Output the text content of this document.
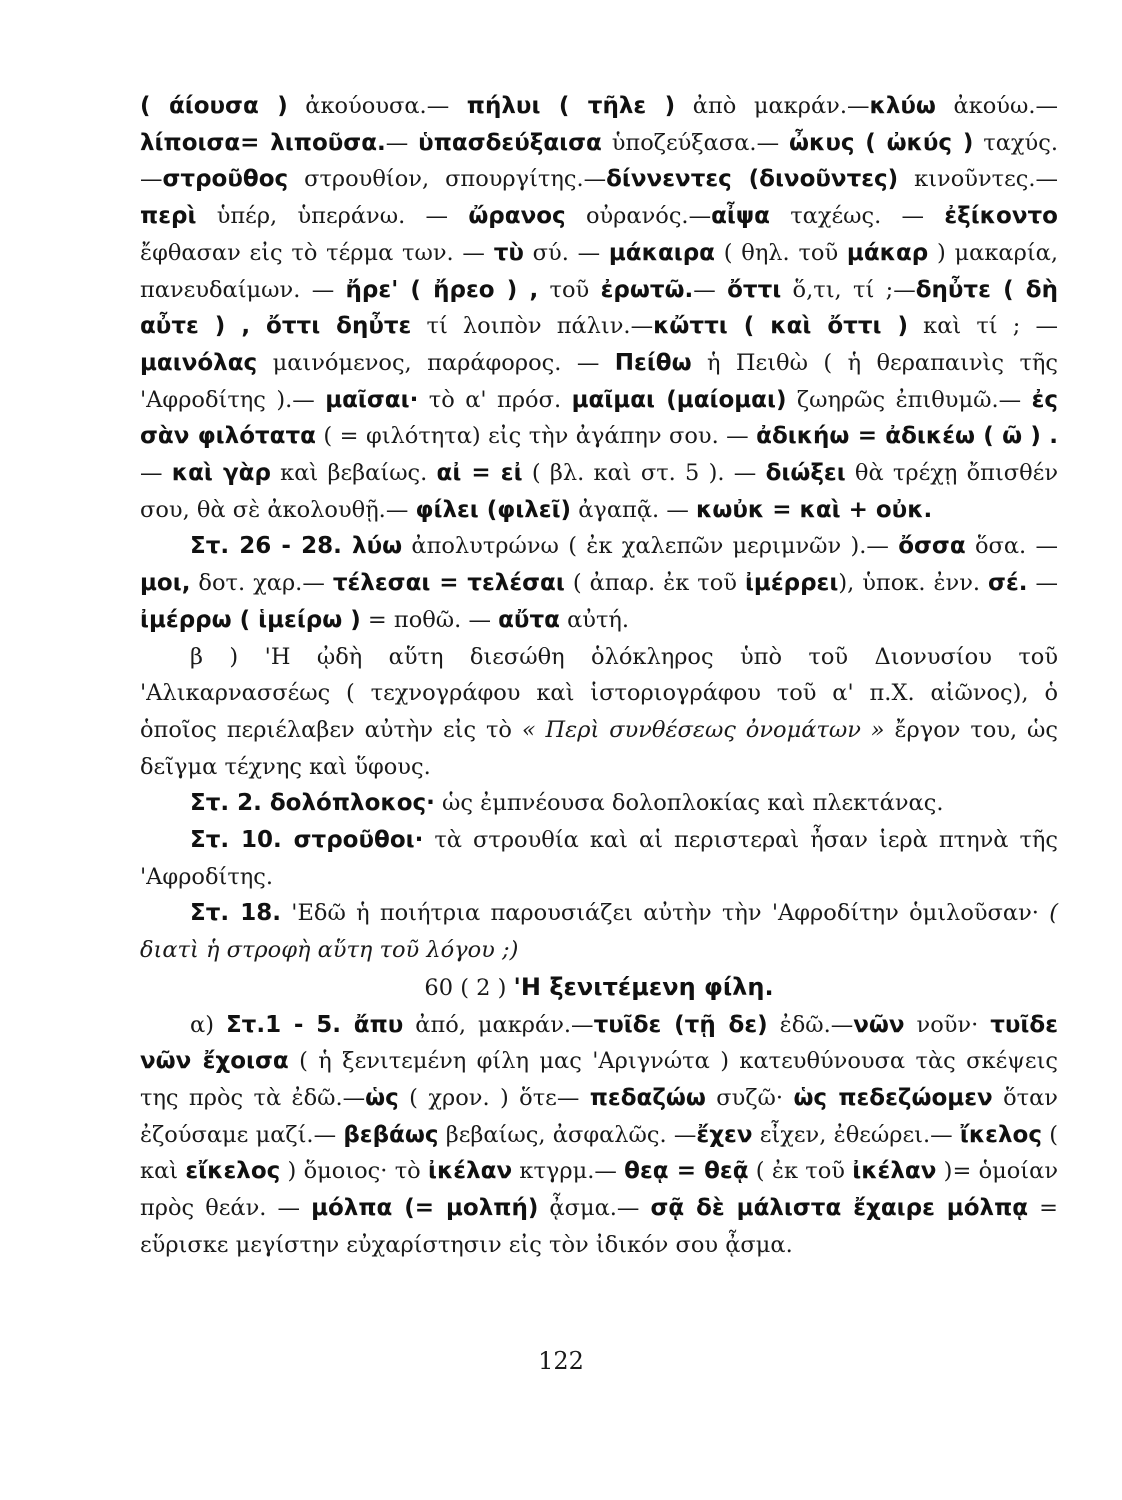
( άίουσα ) ἀκούουσα.— πήλυι ( τῆλε ) ἀπὸ μακράν.—κλύω ἀκούω.— λίποισα= λιποῦσα.— ὑπασδεύξαισα ὑποζεύξασα.— ὦκυς ( ὠκύς ) ταχύς.—στροῦθος στρουθίον, σπουργίτης.—δίννεντες (δινοῦντες) κινοῦντες.— περὶ ὑπέρ, ὑπεράνω. — ὤρανος οὐρανός.—αἶψα ταχέως. — ἐξίκοντο ἔφθασαν εἰς τὸ τέρμα των. — τὺ σύ. — μάκαιρα ( θηλ. τοῦ μάκαρ ) μακαρία, πανευδαίμων. — ἤρε' ( ἤρεο ) , τοῦ ἐρωτῶ.— ὄττι ὅ,τι, τί ;—δηὖτε ( δὴ αὖτε ) , ὄττι δηὖτε τί λοιπὸν πάλιν.—κὤττι ( καὶ ὄττι ) καὶ τί ; — μαινόλας μαινόμενος, παράφορος. — Πείθω ἡ Πειθὼ ( ἡ θεραπαινὶς τῆς 'Αφροδίτης ).— μαῖσαι· τὸ α' πρόσ. μαῖμαι (μαίομαι) ζωηρῶς ἐπιθυμῶ.— ἐς σὰν φιλότατα ( = φιλότητα) εἰς τὴν ἀγάπην σου. — ἀδικήω = ἀδικέω ( ῶ ) . — καὶ γὰρ καὶ βεβαίως. αἰ = εἰ ( βλ. καὶ στ. 5 ). — διώξει θὰ τρέχῃ ὄπισθέν σου, θὰ σὲ ἀκολουθῇ.— φίλει (φιλεῖ) ἀγαπᾷ. — κωὐκ = καὶ + οὐκ.

Στ. 26 - 28. λύω ἀπολυτρώνω ( ἐκ χαλεπῶν μεριμνῶν ).— ὄσσα ὅσα. — μοι, δοτ. χαρ.— τέλεσαι = τελέσαι ( ἀπαρ. ἐκ τοῦ ἰμέρρει), ὑποκ. ἐνν. σέ. — ἰμέρρω ( ἱμείρω ) = ποθῶ. — αὔτα αὐτή.

β ) 'Η ᾠδὴ αὕτη διεσώθη ὁλόκληρος ὑπὸ τοῦ Διονυσίου τοῦ 'Αλικαρνασσέως ( τεχνογράφου καὶ ἱστοριογράφου τοῦ α' π.Χ. αἰῶνος), ὁ ὁποῖος περιέλαβεν αὐτὴν εἰς τὸ « Περὶ συνθέσεως ὀνομάτων » ἔργον του, ὡς δεῖγμα τέχνης καὶ ὕφους.

Στ. 2. δολόπλοκος· ὡς ἐμπνέουσα δολοπλοκίας καὶ πλεκτάνας.

Στ. 10. στροῦθοι· τὰ στρουθία καὶ αἱ περιστεραὶ ἦσαν ἱερὰ πτηνὰ τῆς 'Αφροδίτης.

Στ. 18. 'Εδῶ ἡ ποιήτρια παρουσιάζει αὐτὴν τὴν 'Αφροδίτην ὁμιλοῦσαν· ( διατὶ ἡ στροφὴ αὕτη τοῦ λόγου ;)

60 ( 2 ) 'Η ξενιτέμενη φίλη.

α) Στ.1 - 5. ἄπυ ἀπό, μακράν.—τυῖδε (τῇ δε) ἐδῶ.—νῶν νοῦν· τυῖδε νῶν ἔχοισα ( ἡ ξενιτεμένη φίλη μας 'Αριγνώτα ) κατευθύνουσα τὰς σκέψεις της πρὸς τὰ ἐδῶ.—ὡς ( χρον. ) ὅτε— πεδαζώω συζῶ· ὡς πεδεζώομεν ὅταν ἐζούσαμε μαζί.— βεβάως βεβαίως, ἀσφαλῶς. —ἔχεν εἶχεν, ἐθεώρει.— ἴκελος ( καὶ εἴκελος ) ὅμοιος· τὸ ἰκέλαν κτγρμ.— θεᾳ = θεᾷ ( ἐκ τοῦ ἰκέλαν )= ὁμοίαν πρὸς θεάν. — μόλπα (= μολπή) ᾆσμα.— σᾷ δὲ μάλιστα ἔχαιρε μόλπᾳ = εὕρισκε μεγίστην εὐχαρίστησιν εἰς τὸν ἰδικόν σου ᾆσμα.

122
